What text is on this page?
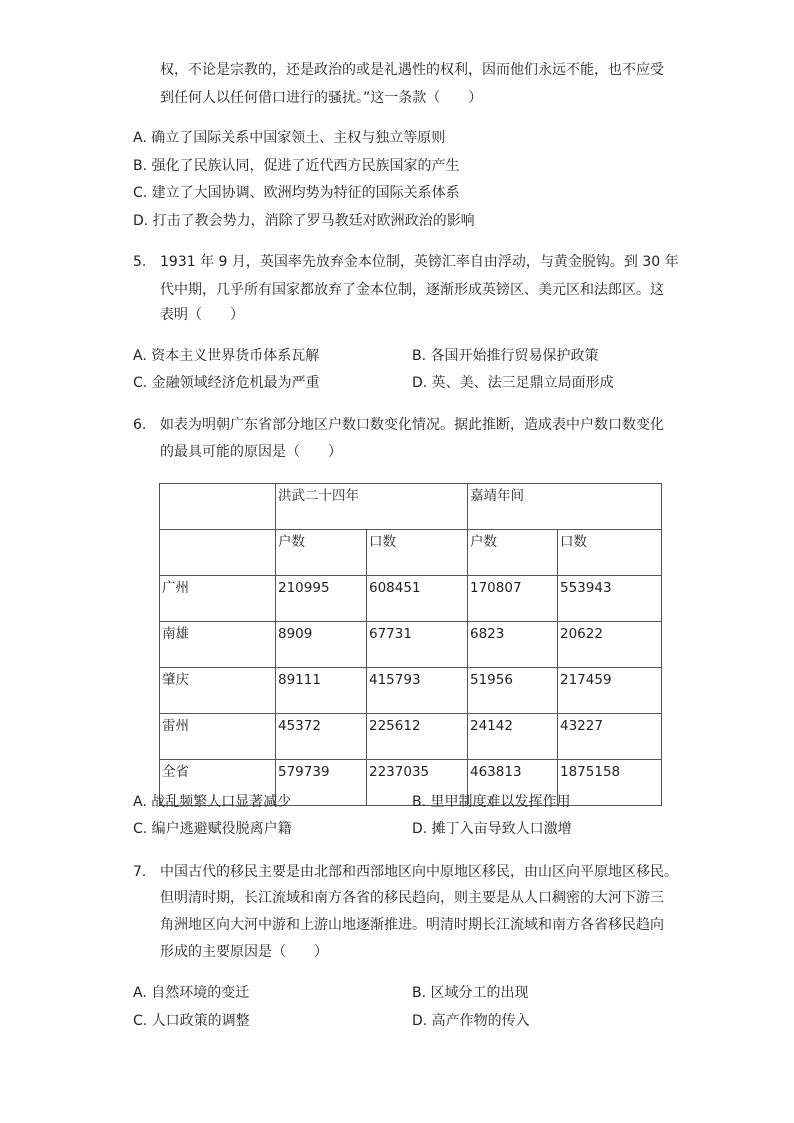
权，不论是宗教的，还是政治的或是礼遇性的权利，因而他们永远不能，也不应受
到任何人以任何借口进行的骚扰。”这一条款（　　）
A. 确立了国际关系中国家领土、主权与独立等原则
B. 强化了民族认同，促进了近代西方民族国家的产生
C. 建立了大国协调、欧洲均势为特征的国际关系体系
D. 打击了教会势力，消除了罗马教廷对欧洲政治的影响
5. 1931 年 9 月，英国率先放弃金本位制，英镑汇率自由浮动，与黄金脱钩。到 30 年
代中期，几乎所有国家都放弃了金本位制，逐渐形成英镑区、美元区和法郎区。这
表明（　　）
A. 资本主义世界货币体系瓦解	B. 各国开始推行贸易保护政策
C. 金融领域经济危机最为严重	D. 英、美、法三足鼎立局面形成
6. 如表为明朝广东省部分地区户数口数变化情况。据此推断，造成表中户数口数变化
的最具可能的原因是（　　）
	洪武二十四年		嘉靖年间	
	户数	口数	户数	口数
广州	210995	608451	170807	553943
南雄	8909	67731	6823	20622
肇庆	89111	415793	51956	217459
雷州	45372	225612	24142	43227
全省	579739	2237035	463813	1875158
A. 战乱频繁人口显著减少	B. 里甲制度难以发挥作用
C. 编户逃避赋役脱离户籍	D. 摊丁入亩导致人口激增
7. 中国古代的移民主要是由北部和西部地区向中原地区移民，由山区向平原地区移民。
但明清时期，长江流域和南方各省的移民趋向，则主要是从人口稠密的大河下游三
角洲地区向大河中游和上游山地逐渐推进。明清时期长江流域和南方各省移民趋向
形成的主要原因是（　　）
A. 自然环境的变迁	B. 区域分工的出现
C. 人口政策的调整	D. 高产作物的传入
